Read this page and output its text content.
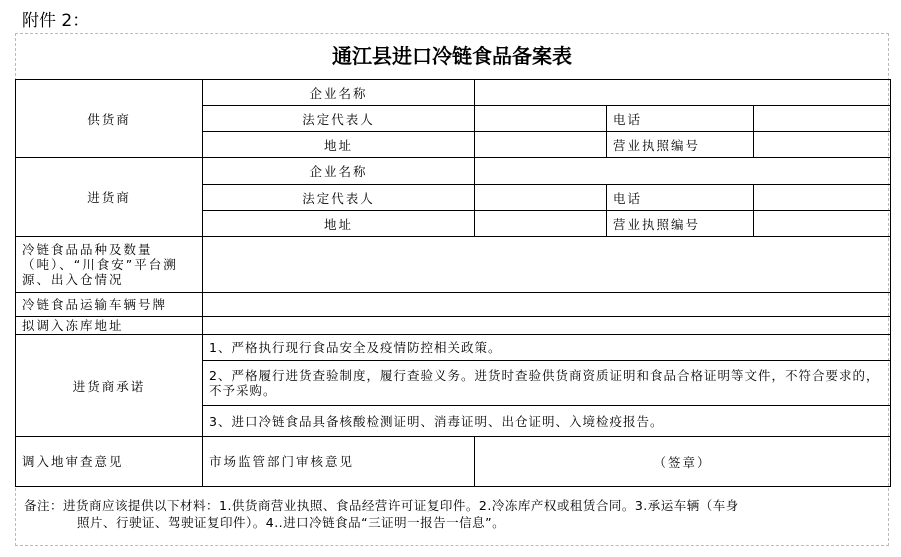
附件 2：
通江县进口冷链食品备案表
供货商	企业名称			
	法定代表人		电话	
	地址		营业执照编号	
进货商	企业名称			
	法定代表人		电话	
	地址		营业执照编号	
冷链食品品种及数量（吨）、“川食安”平台溯源、出入仓情况				
冷链食品运输车辆号牌				
拟调入冻库地址				
进货商承诺	1、严格执行现行食品安全及疫情防控相关政策。			
	2、严格履行进货查验制度，履行查验义务。进货时查验供货商资质证明和食品合格证明等文件，不符合要求的，不予采购。			
	3、进口冷链食品具备核酸检测证明、消毒证明、出仓证明、入境检疫报告。			
调入地审查意见	市场监管部门审核意见	（签章）		
备注：进货商应该提供以下材料：1.供货商营业执照、食品经营许可证复印件。2.冷冻库产权或租赁合同。3.承运车辆（车身
照片、行驶证、驾驶证复印件）。4..进口冷链食品“三证明一报告一信息”。
